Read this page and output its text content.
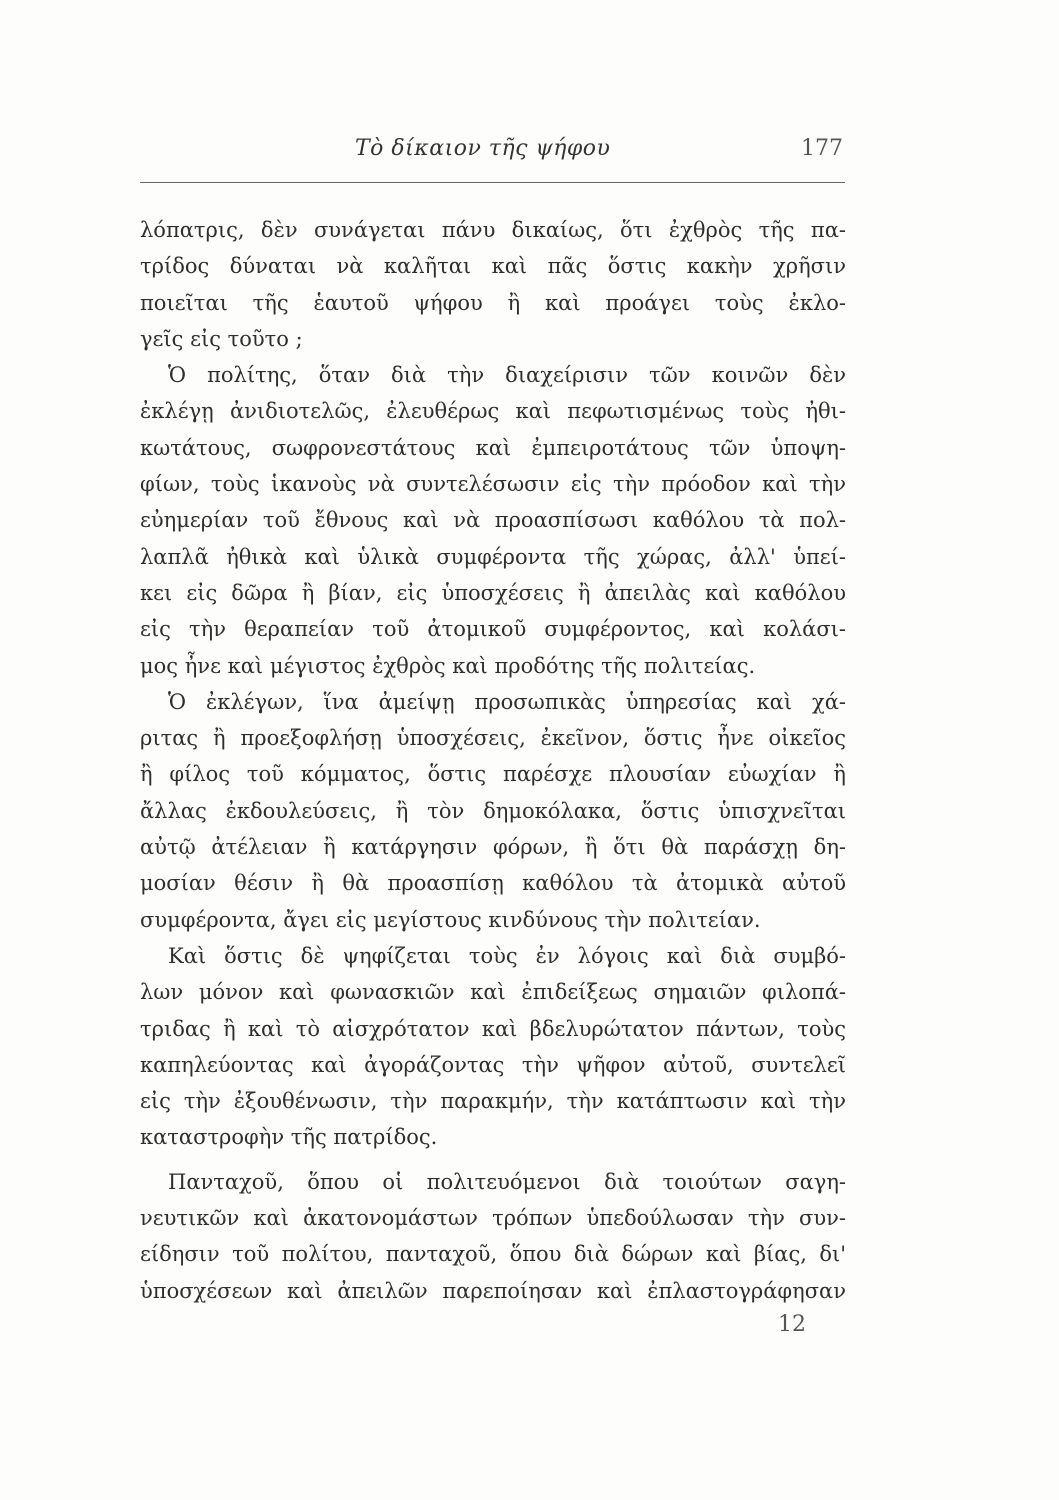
Τὸ δίκαιον τῆς ψήφου	177
λόπατρις, δὲν συνάγεται πάνυ δικαίως, ὅτι ἐχθρὸς τῆς πα-
τρίδος δύναται νὰ καλῆται καὶ πᾶς ὅστις κακὴν χρῆσιν
ποιεῖται τῆς ἑαυτοῦ ψήφου ἢ καὶ προάγει τοὺς ἐκλο-
γεῖς εἰς τοῦτο ;
Ὁ πολίτης, ὅταν διὰ τὴν διαχείρισιν τῶν κοινῶν δὲν
ἐκλέγῃ ἀνιδιοτελῶς, ἐλευθέρως καὶ πεφωτισμένως τοὺς ἠθι-
κωτάτους, σωφρονεστάτους καὶ ἐμπειροτάτους τῶν ὑποψη-
φίων, τοὺς ἱκανοὺς νὰ συντελέσωσιν εἰς τὴν πρόοδον καὶ τὴν
εὐημερίαν τοῦ ἔθνους καὶ νὰ προασπίσωσι καθόλου τὰ πολ-
λαπλᾶ ἠθικὰ καὶ ὑλικὰ συμφέροντα τῆς χώρας, ἀλλ' ὑπεί-
κει εἰς δῶρα ἢ βίαν, εἰς ὑποσχέσεις ἢ ἀπειλὰς καὶ καθόλου
εἰς τὴν θεραπείαν τοῦ ἀτομικοῦ συμφέροντος, καὶ κολάσι-
μος ἦνε καὶ μέγιστος ἐχθρὸς καὶ προδότης τῆς πολιτείας.
Ὁ ἐκλέγων, ἵνα ἀμείψῃ προσωπικὰς ὑπηρεσίας καὶ χά-
ριτας ἢ προεξοφλήσῃ ὑποσχέσεις, ἐκεῖνον, ὅστις ἦνε οἰκεῖος
ἢ φίλος τοῦ κόμματος, ὅστις παρέσχε πλουσίαν εὐωχίαν ἢ
ἄλλας ἐκδουλεύσεις, ἢ τὸν δημοκόλακα, ὅστις ὑπισχνεῖται
αὐτῷ ἀτέλειαν ἢ κατάργησιν φόρων, ἢ ὅτι θὰ παράσχῃ δη-
μοσίαν θέσιν ἢ θὰ προασπίσῃ καθόλου τὰ ἀτομικὰ αὐτοῦ
συμφέροντα, ἄγει εἰς μεγίστους κινδύνους τὴν πολιτείαν.
Καὶ ὅστις δὲ ψηφίζεται τοὺς ἐν λόγοις καὶ διὰ συμβό-
λων μόνον καὶ φωνασκιῶν καὶ ἐπιδείξεως σημαιῶν φιλοπά-
τριδας ἢ καὶ τὸ αἰσχρότατον καὶ βδελυρώτατον πάντων, τοὺς
καπηλεύοντας καὶ ἀγοράζοντας τὴν ψῆφον αὐτοῦ, συντελεῖ
εἰς τὴν ἐξουθένωσιν, τὴν παρακμήν, τὴν κατάπτωσιν καὶ τὴν
καταστροφὴν τῆς πατρίδος.
Πανταχοῦ, ὅπου οἱ πολιτευόμενοι διὰ τοιούτων σαγη-
νευτικῶν καὶ ἀκατονομάστων τρόπων ὑπεδούλωσαν τὴν συν-
είδησιν τοῦ πολίτου, πανταχοῦ, ὅπου διὰ δώρων καὶ βίας, δι'
ὑποσχέσεων καὶ ἀπειλῶν παρεποίησαν καὶ ἐπλαστογράφησαν
12
